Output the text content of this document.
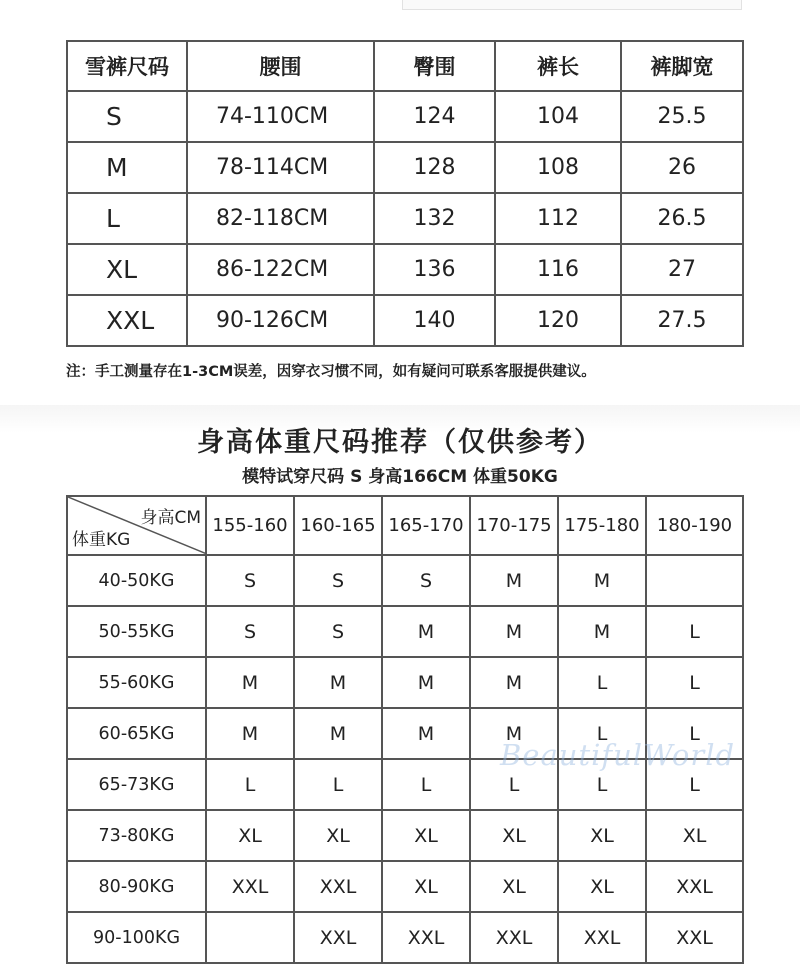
雪裤尺码	腰围	臀围	裤长	裤脚宽
S	74-110CM	124	104	25.5
M	78-114CM	128	108	26
L	82-118CM	132	112	26.5
XL	86-122CM	136	116	27
XXL	90-126CM	140	120	27.5
注：手工测量存在1-3CM误差，因穿衣习惯不同，如有疑问可联系客服提供建议。
身高体重尺码推荐（仅供参考）
模特试穿尺码 S 身高166CM 体重50KG
身高CM
体重KG	155-160	160-165	165-170	170-175	175-180	180-190
40-50KG	S	S	S	M	M	
50-55KG	S	S	M	M	M	L
55-60KG	M	M	M	M	L	L
60-65KG	M	M	M	M	L	L
65-73KG	L	L	L	L	L	L
73-80KG	XL	XL	XL	XL	XL	XL
80-90KG	XXL	XXL	XL	XL	XL	XXL
90-100KG		XXL	XXL	XXL	XXL	XXL
BeautifulWorld
